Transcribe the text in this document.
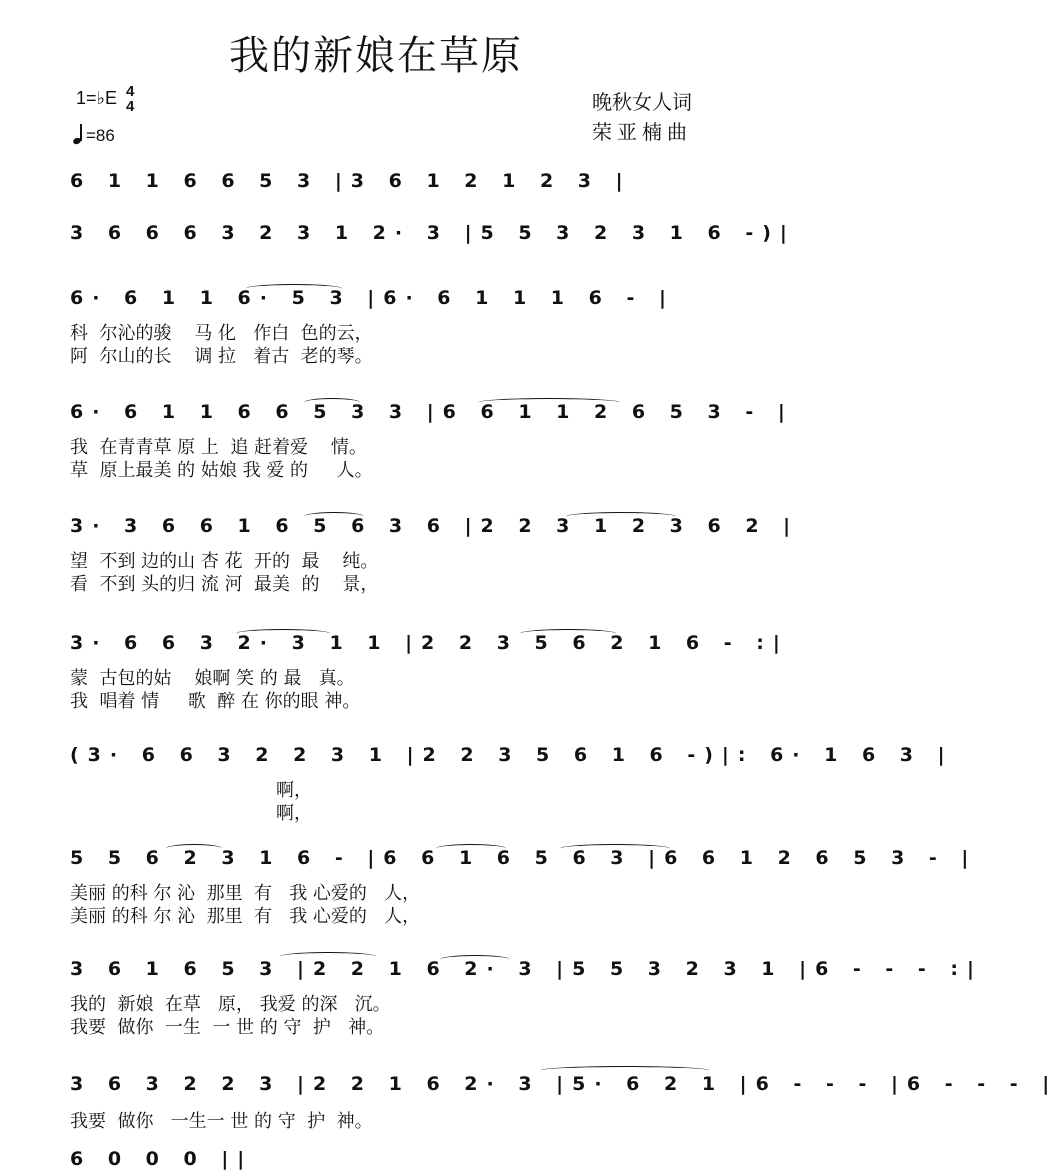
我的新娘在草原
1=♭E 4
4
=86
晚秋女人词
荣亚楠曲
6 1 1 6 6 5 3 |3 6 1 2 1 2 3 |
3 6 6 6 3 2 3 1 2· 3 |5 5 3 2 3 1 6 -)|
6· 6 1 1 6· 5 3 |6· 6 1 1 1 6 - |
科  尔沁的骏    马 化   作白  色的云，
阿  尔山的长    调 拉   着古  老的琴。
6· 6 1 1 6 6 5 3 3 |6 6 1 1 2 6 5 3 - |
我  在青青草 原 上  追 赶着爱    情。
草  原上最美 的 姑娘 我 爱 的     人。
3· 3 6 6 1 6 5 6 3 6 |2 2 3 1 2 3 6 2 |
望  不到 边的山 杏 花  开的  最    纯。
看  不到 头的归 流 河  最美  的    景，
3· 6 6 3 2· 3 1 1 |2 2 3 5 6 2 1 6 - :|
蒙  古包的姑    娘啊 笑 的 最   真。
我  唱着 情     歌  醉 在 你的眼 神。
(3· 6 6 3 2 2 3 1 |2 2 3 5 6 1 6 -)|: 6· 1 6 3 |
啊，
啊，
5 5 6 2 3 1 6 - |6 6 1 6 5 6 3 |6 6 1 2 6 5 3 - |
美丽 的科 尔 沁  那里  有   我 心爱的   人，
美丽 的科 尔 沁  那里  有   我 心爱的   人，
3 6 1 6 5 3 |2 2 1 6 2· 3 |5 5 3 2 3 1 |6 - - - :|
我的  新娘  在草   原， 我爱 的深   沉。
我要  做你  一生  一 世 的 守  护   神。
3 6 3 2 2 3 |2 2 1 6 2· 3 |5· 6 2 1 |6 - - - |6 - - - |
我要  做你   一生一 世 的 守  护  神。
6 0 0 0 ||
